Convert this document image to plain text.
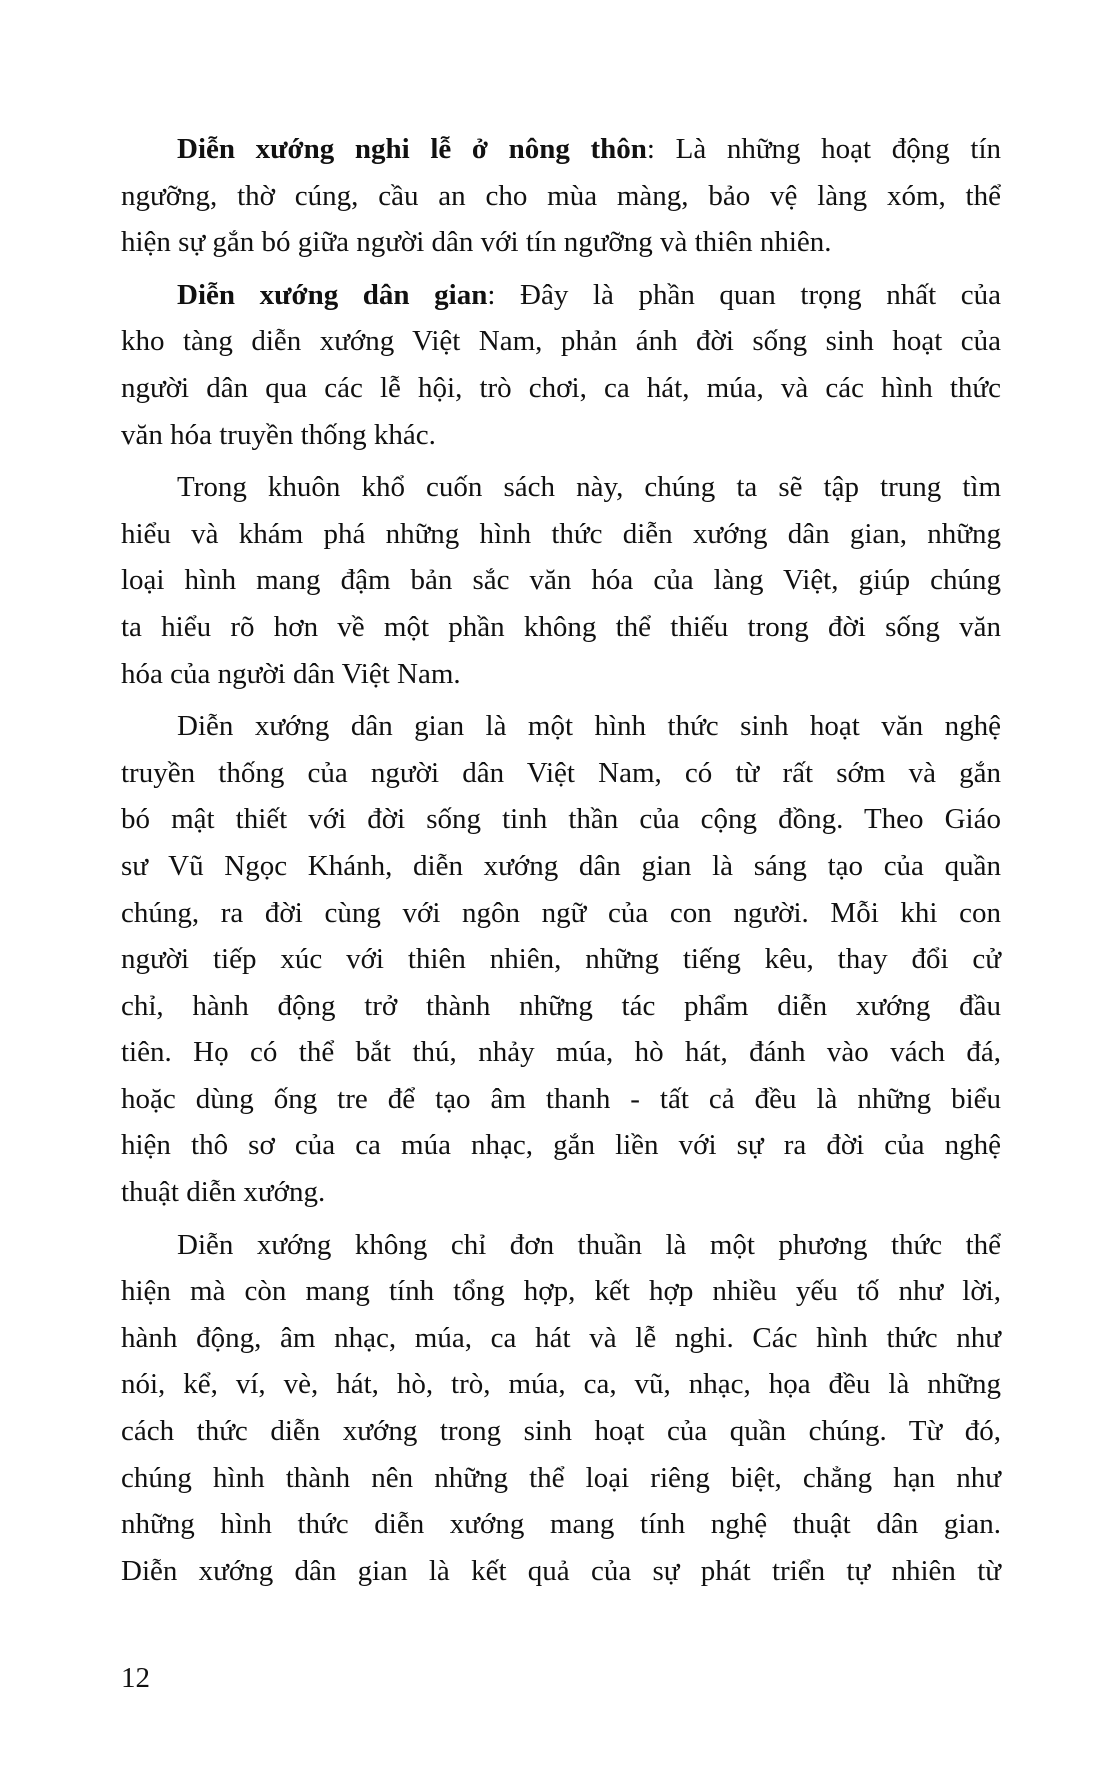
Diễn xướng nghi lễ ở nông thôn: Là những hoạt động tín
ngưỡng, thờ cúng, cầu an cho mùa màng, bảo vệ làng xóm, thể
hiện sự gắn bó giữa người dân với tín ngưỡng và thiên nhiên.
Diễn xướng dân gian: Đây là phần quan trọng nhất của
kho tàng diễn xướng Việt Nam, phản ánh đời sống sinh hoạt của
người dân qua các lễ hội, trò chơi, ca hát, múa, và các hình thức
văn hóa truyền thống khác.
Trong khuôn khổ cuốn sách này, chúng ta sẽ tập trung tìm
hiểu và khám phá những hình thức diễn xướng dân gian, những
loại hình mang đậm bản sắc văn hóa của làng Việt, giúp chúng
ta hiểu rõ hơn về một phần không thể thiếu trong đời sống văn
hóa của người dân Việt Nam.
Diễn xướng dân gian là một hình thức sinh hoạt văn nghệ
truyền thống của người dân Việt Nam, có từ rất sớm và gắn
bó mật thiết với đời sống tinh thần của cộng đồng. Theo Giáo
sư Vũ Ngọc Khánh, diễn xướng dân gian là sáng tạo của quần
chúng, ra đời cùng với ngôn ngữ của con người. Mỗi khi con
người tiếp xúc với thiên nhiên, những tiếng kêu, thay đổi cử
chỉ, hành động trở thành những tác phẩm diễn xướng đầu
tiên. Họ có thể bắt thú, nhảy múa, hò hát, đánh vào vách đá,
hoặc dùng ống tre để tạo âm thanh - tất cả đều là những biểu
hiện thô sơ của ca múa nhạc, gắn liền với sự ra đời của nghệ
thuật diễn xướng.
Diễn xướng không chỉ đơn thuần là một phương thức thể
hiện mà còn mang tính tổng hợp, kết hợp nhiều yếu tố như lời,
hành động, âm nhạc, múa, ca hát và lễ nghi. Các hình thức như
nói, kể, ví, vè, hát, hò, trò, múa, ca, vũ, nhạc, họa đều là những
cách thức diễn xướng trong sinh hoạt của quần chúng. Từ đó,
chúng hình thành nên những thể loại riêng biệt, chẳng hạn như
những hình thức diễn xướng mang tính nghệ thuật dân gian.
Diễn xướng dân gian là kết quả của sự phát triển tự nhiên từ
12
